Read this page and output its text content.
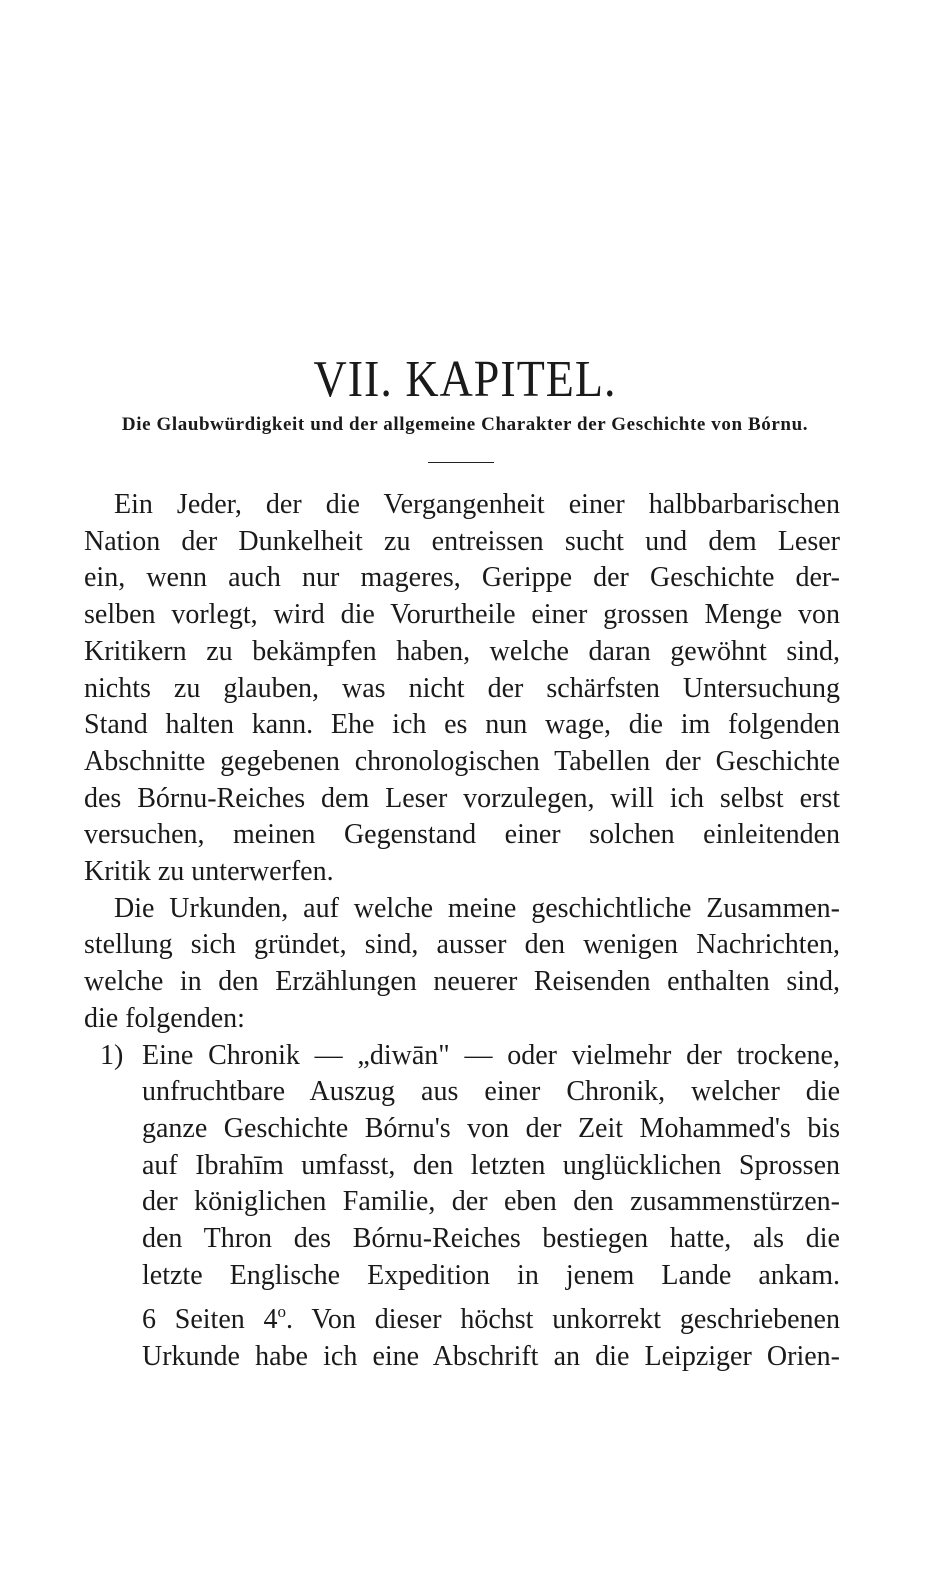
VII. KAPITEL.
Die Glaubwürdigkeit und der allgemeine Charakter der Geschichte von Bórnu.
Ein Jeder, der die Vergangenheit einer halbbarbarischen
Nation der Dunkelheit zu entreissen sucht und dem Leser
ein, wenn auch nur mageres, Gerippe der Geschichte der-
selben vorlegt, wird die Vorurtheile einer grossen Menge von
Kritikern zu bekämpfen haben, welche daran gewöhnt sind,
nichts zu glauben, was nicht der schärfsten Untersuchung
Stand halten kann. Ehe ich es nun wage, die im folgenden
Abschnitte gegebenen chronologischen Tabellen der Geschichte
des Bórnu-Reiches dem Leser vorzulegen, will ich selbst erst
versuchen, meinen Gegenstand einer solchen einleitenden
Kritik zu unterwerfen.
Die Urkunden, auf welche meine geschichtliche Zusammen-
stellung sich gründet, sind, ausser den wenigen Nachrichten,
welche in den Erzählungen neuerer Reisenden enthalten sind,
die folgenden:
1) Eine Chronik — „diwān" — oder vielmehr der trockene,
unfruchtbare Auszug aus einer Chronik, welcher die
ganze Geschichte Bórnu's von der Zeit Mohammed's bis
auf Ibrahīm umfasst, den letzten unglücklichen Sprossen
der königlichen Familie, der eben den zusammenstürzen-
den Thron des Bórnu-Reiches bestiegen hatte, als die
letzte Englische Expedition in jenem Lande ankam.
6 Seiten 4$^o$. Von dieser höchst unkorrekt geschriebenen
Urkunde habe ich eine Abschrift an die Leipziger Orien-
